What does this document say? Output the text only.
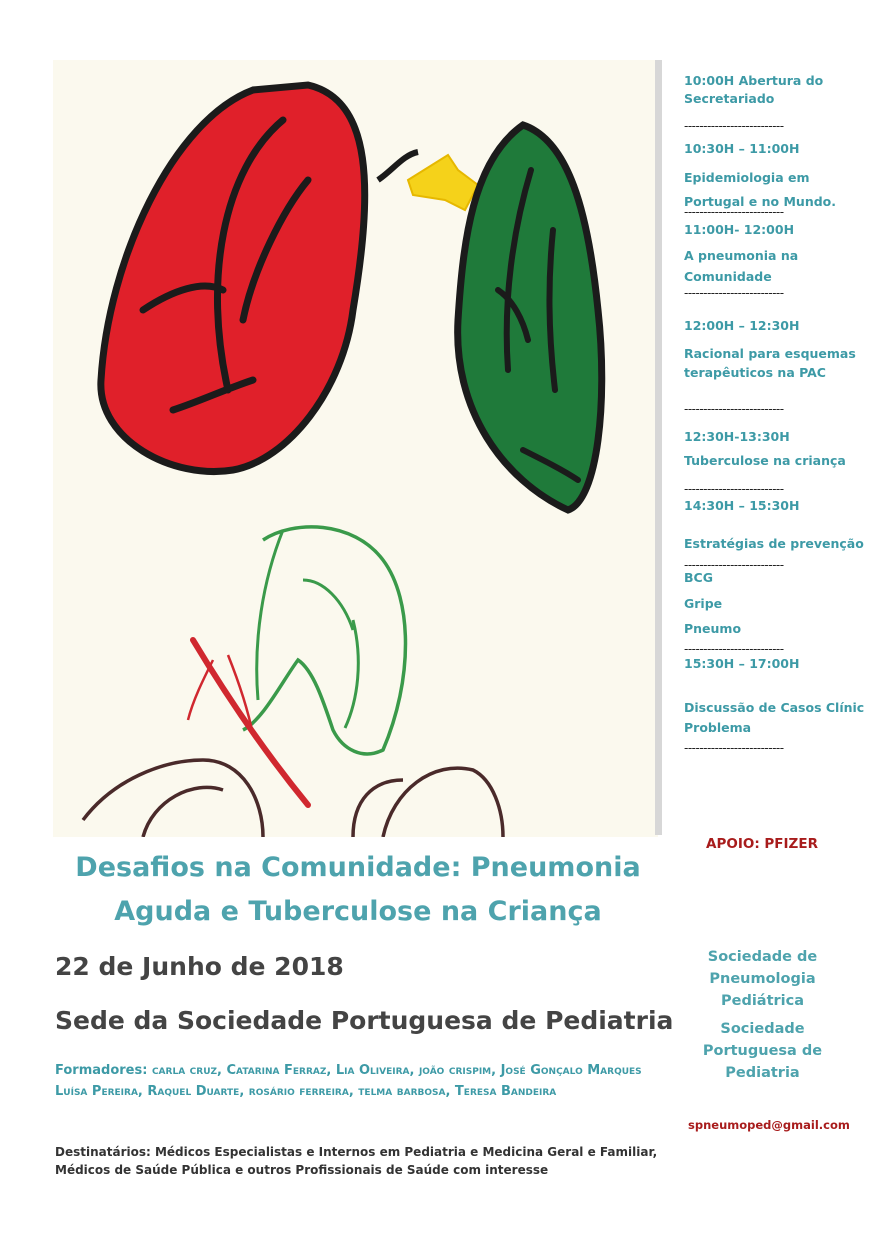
10:00H Abertura do
Secretariado
--------------------------
10:30H – 11:00H
Epidemiologia em
Portugal e no Mundo.
--------------------------
11:00H- 12:00H
A pneumonia na
Comunidade
--------------------------
12:00H – 12:30H
Racional para esquemas
terapêuticos na PAC
--------------------------
12:30H-13:30H
Tuberculose na criança
--------------------------
14:30H – 15:30H
Estratégias de prevenção
--------------------------
BCG
Gripe
Pneumo
--------------------------
15:30H – 17:00H
Discussão de Casos Clínic
Problema
--------------------------
APOIO: PFIZER
Desafios na Comunidade: Pneumonia
Aguda e Tuberculose na Criança
22 de Junho de 2018
Sede da Sociedade Portuguesa de Pediatria
Formadores: carla cruz, Catarina Ferraz, Lia Oliveira, joão crispim, José Gonçalo Marques Luísa Pereira, Raquel Duarte, rosário ferreira, telma barbosa, Teresa Bandeira
Destinatários: Médicos Especialistas e Internos em Pediatria e Medicina Geral e Familiar, Médicos de Saúde Pública e outros Profissionais de Saúde com interesse
Sociedade de Pneumologia Pediátrica
Sociedade Portuguesa de Pediatria
spneumoped@gmail.com
